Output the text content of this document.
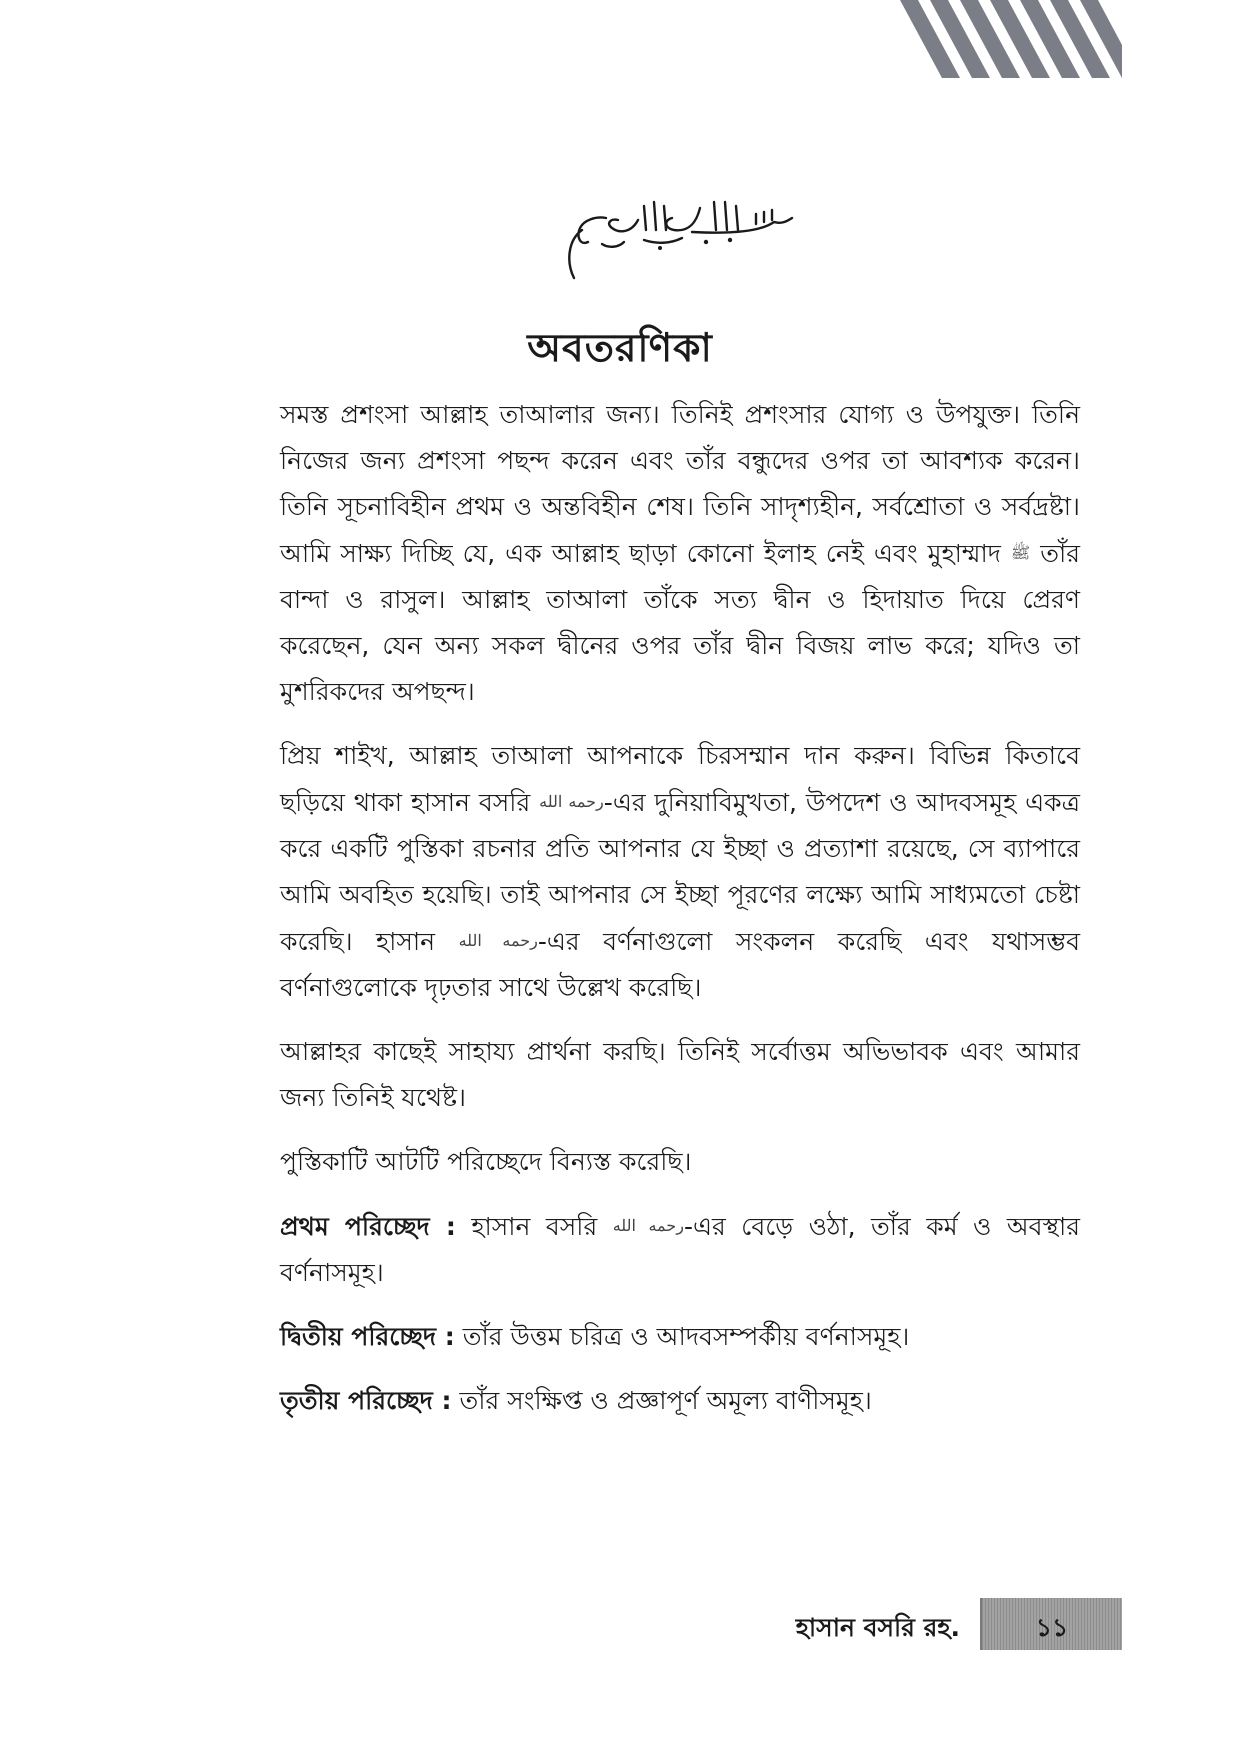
অবতরণিকা

সমস্ত প্রশংসা আল্লাহ তাআলার জন্য। তিনিই প্রশংসার যোগ্য ও উপযুক্ত। তিনি নিজের জন্য প্রশংসা পছন্দ করেন এবং তাঁর বন্ধুদের ওপর তা আবশ্যক করেন। তিনি সূচনাবিহীন প্রথম ও অন্তবিহীন শেষ। তিনি সাদৃশ্যহীন, সর্বশ্রোতা ও সর্বদ্রষ্টা। আমি সাক্ষ্য দিচ্ছি যে, এক আল্লাহ ছাড়া কোনো ইলাহ নেই এবং মুহাম্মাদ ﷺ তাঁর বান্দা ও রাসুল। আল্লাহ তাআলা তাঁকে সত্য দ্বীন ও হিদায়াত দিয়ে প্রেরণ করেছেন, যেন অন্য সকল দ্বীনের ওপর তাঁর দ্বীন বিজয় লাভ করে; যদিও তা মুশরিকদের অপছন্দ।

প্রিয় শাইখ, আল্লাহ তাআলা আপনাকে চিরসম্মান দান করুন। বিভিন্ন কিতাবে ছড়িয়ে থাকা হাসান বসরি رحمه الله-এর দুনিয়াবিমুখতা, উপদেশ ও আদবসমূহ একত্র করে একটি পুস্তিকা রচনার প্রতি আপনার যে ইচ্ছা ও প্রত্যাশা রয়েছে, সে ব্যাপারে আমি অবহিত হয়েছি। তাই আপনার সে ইচ্ছা পূরণের লক্ষ্যে আমি সাধ্যমতো চেষ্টা করেছি। হাসান رحمه الله-এর বর্ণনাগুলো সংকলন করেছি এবং যথাসম্ভব বর্ণনাগুলোকে দৃঢ়তার সাথে উল্লেখ করেছি।

আল্লাহর কাছেই সাহায্য প্রার্থনা করছি। তিনিই সর্বোত্তম অভিভাবক এবং আমার জন্য তিনিই যথেষ্ট।

পুস্তিকাটি আটটি পরিচ্ছেদে বিন্যস্ত করেছি।

প্রথম পরিচ্ছেদ : হাসান বসরি رحمه الله-এর বেড়ে ওঠা, তাঁর কর্ম ও অবস্থার বর্ণনাসমূহ।

দ্বিতীয় পরিচ্ছেদ : তাঁর উত্তম চরিত্র ও আদবসম্পর্কীয় বর্ণনাসমূহ।

তৃতীয় পরিচ্ছেদ : তাঁর সংক্ষিপ্ত ও প্রজ্ঞাপূর্ণ অমূল্য বাণীসমূহ।

হাসান বসরি রহ.	১১
